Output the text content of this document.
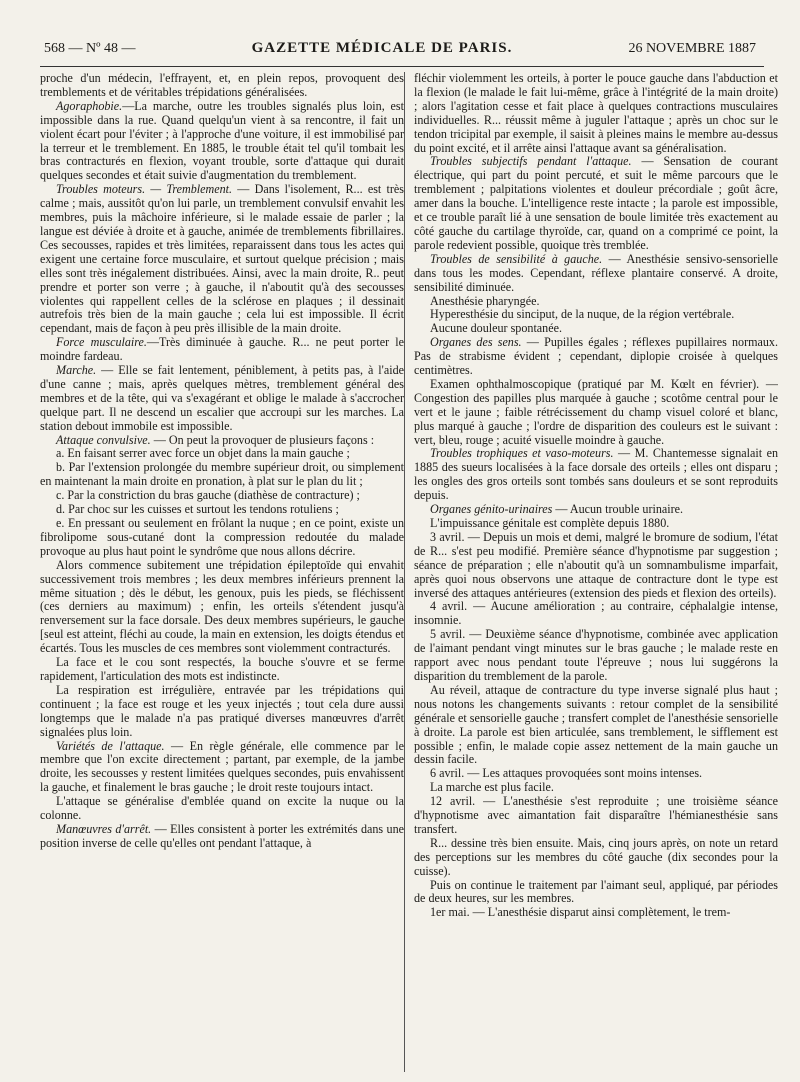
568 — Nº 48 —	GAZETTE MÉDICALE DE PARIS.	26 NOVEMBRE 1887

proche d'un médecin, l'effrayent, et, en plein repos, provoquent des tremblements et de véritables trépidations généralisées.

Agoraphobie.—La marche, outre les troubles signalés plus loin, est impossible dans la rue. Quand quelqu'un vient à sa rencontre, il fait un violent écart pour l'éviter ; à l'approche d'une voiture, il est immobilisé par la terreur et le tremblement. En 1885, le trouble était tel qu'il tombait les bras contracturés en flexion, voyant trouble, sorte d'attaque qui durait quelques secondes et était suivie d'augmentation du tremblement.

Troubles moteurs. — Tremblement. — Dans l'isolement, R... est très calme ; mais, aussitôt qu'on lui parle, un tremblement convulsif envahit les membres, puis la mâchoire inférieure, si le malade essaie de parler ; la langue est déviée à droite et à gauche, animée de tremblements fibrillaires. Ces secousses, rapides et très limitées, reparaissent dans tous les actes qui exigent une certaine force musculaire, et surtout quelque précision ; mais elles sont très inégalement distribuées. Ainsi, avec la main droite, R.. peut prendre et porter son verre ; à gauche, il n'aboutit qu'à des secousses violentes qui rappellent celles de la sclérose en plaques ; il dessinait autrefois très bien de la main gauche ; cela lui est impossible. Il écrit cependant, mais de façon à peu près illisible de la main droite.

Force musculaire.—Très diminuée à gauche. R... ne peut porter le moindre fardeau.

Marche. — Elle se fait lentement, péniblement, à petits pas, à l'aide d'une canne ; mais, après quelques mètres, tremblement général des membres et de la tête, qui va s'exagérant et oblige le malade à s'accrocher quelque part. Il ne descend un escalier que accroupi sur les marches. La station debout immobile est impossible.

Attaque convulsive. — On peut la provoquer de plusieurs façons :

a. En faisant serrer avec force un objet dans la main gauche ;

b. Par l'extension prolongée du membre supérieur droit, ou simplement en maintenant la main droite en pronation, à plat sur le plan du lit ;

c. Par la constriction du bras gauche (diathèse de contracture) ;

d. Par choc sur les cuisses et surtout les tendons rotuliens ;

e. En pressant ou seulement en frôlant la nuque ; en ce point, existe un fibrolipome sous-cutané dont la compression redoutée du malade provoque au plus haut point le syndrôme que nous allons décrire.

Alors commence subitement une trépidation épileptoïde qui envahit successivement trois membres ; les deux membres inférieurs prennent la même situation ; dès le début, les genoux, puis les pieds, se fléchissent (ces derniers au maximum) ; enfin, les orteils s'étendent jusqu'à renversement sur la face dorsale. Des deux membres supérieurs, le gauche [seul est atteint, fléchi au coude, la main en extension, les doigts étendus et écartés. Tous les muscles de ces membres sont violemment contracturés.

La face et le cou sont respectés, la bouche s'ouvre et se ferme rapidement, l'articulation des mots est indistincte.

La respiration est irrégulière, entravée par les trépidations qui continuent ; la face est rouge et les yeux injectés ; tout cela dure aussi longtemps que le malade n'a pas pratiqué diverses manœuvres d'arrêt signalées plus loin.

Variétés de l'attaque. — En règle générale, elle commence par le membre que l'on excite directement ; partant, par exemple, de la jambe droite, les secousses y restent limitées quelques secondes, puis envahissent la gauche, et finalement le bras gauche ; le droit reste toujours intact.

L'attaque se généralise d'emblée quand on excite la nuque ou la colonne.

Manœuvres d'arrêt. — Elles consistent à porter les extrémités dans une position inverse de celle qu'elles ont pendant l'attaque, à

fléchir violemment les orteils, à porter le pouce gauche dans l'abduction et la flexion (le malade le fait lui-même, grâce à l'intégrité de la main droite) ; alors l'agitation cesse et fait place à quelques contractions musculaires individuelles. R... réussit même à juguler l'attaque ; après un choc sur le tendon tricipital par exemple, il saisit à pleines mains le membre au-dessus du point excité, et il arrête ainsi l'attaque avant sa généralisation.

Troubles subjectifs pendant l'attaque. — Sensation de courant électrique, qui part du point percuté, et suit le même parcours que le tremblement ; palpitations violentes et douleur précordiale ; goût âcre, amer dans la bouche. L'intelligence reste intacte ; la parole est impossible, et ce trouble paraît lié à une sensation de boule limitée très exactement au côté gauche du cartilage thyroïde, car, quand on a comprimé ce point, la parole redevient possible, quoique très tremblée.

Troubles de sensibilité à gauche. — Anesthésie sensivo-sensorielle dans tous les modes. Cependant, réflexe plantaire conservé. A droite, sensibilité diminuée.

Anesthésie pharyngée.

Hyperesthésie du sinciput, de la nuque, de la région vertébrale.

Aucune douleur spontanée.

Organes des sens. — Pupilles égales ; réflexes pupillaires normaux. Pas de strabisme évident ; cependant, diplopie croisée à quelques centimètres.

Examen ophthalmoscopique (pratiqué par M. Kœlt en février). — Congestion des papilles plus marquée à gauche ; scotôme central pour le vert et le jaune ; faible rétrécissement du champ visuel coloré et blanc, plus marqué à gauche ; l'ordre de disparition des couleurs est le suivant : vert, bleu, rouge ; acuité visuelle moindre à gauche.

Troubles trophiques et vaso-moteurs. — M. Chantemesse signalait en 1885 des sueurs localisées à la face dorsale des orteils ; elles ont disparu ; les ongles des gros orteils sont tombés sans douleurs et se sont reproduits depuis.

Organes génito-urinaires — Aucun trouble urinaire.

L'impuissance génitale est complète depuis 1880.

3 avril. — Depuis un mois et demi, malgré le bromure de sodium, l'état de R... s'est peu modifié. Première séance d'hypnotisme par suggestion ; séance de préparation ; elle n'aboutit qu'à un somnambulisme imparfait, après quoi nous observons une attaque de contracture dont le type est inversé des attaques antérieures (extension des pieds et flexion des orteils).

4 avril. — Aucune amélioration ; au contraire, céphalalgie intense, insomnie.

5 avril. — Deuxième séance d'hypnotisme, combinée avec application de l'aimant pendant vingt minutes sur le bras gauche ; le malade reste en rapport avec nous pendant toute l'épreuve ; nous lui suggérons la disparition du tremblement de la parole.

Au réveil, attaque de contracture du type inverse signalé plus haut ; nous notons les changements suivants : retour complet de la sensibilité générale et sensorielle gauche ; transfert complet de l'anesthésie sensorielle à droite. La parole est bien articulée, sans tremblement, le sifflement est possible ; enfin, le malade copie assez nettement de la main gauche un dessin facile.

6 avril. — Les attaques provoquées sont moins intenses.

La marche est plus facile.

12 avril. — L'anesthésie s'est reproduite ; une troisième séance d'hypnotisme avec aimantation fait disparaître l'hémianesthésie sans transfert.

R... dessine très bien ensuite. Mais, cinq jours après, on note un retard des perceptions sur les membres du côté gauche (dix secondes pour la cuisse).

Puis on continue le traitement par l'aimant seul, appliqué, par périodes de deux heures, sur les membres.

1er mai. — L'anesthésie disparut ainsi complètement, le trem-
